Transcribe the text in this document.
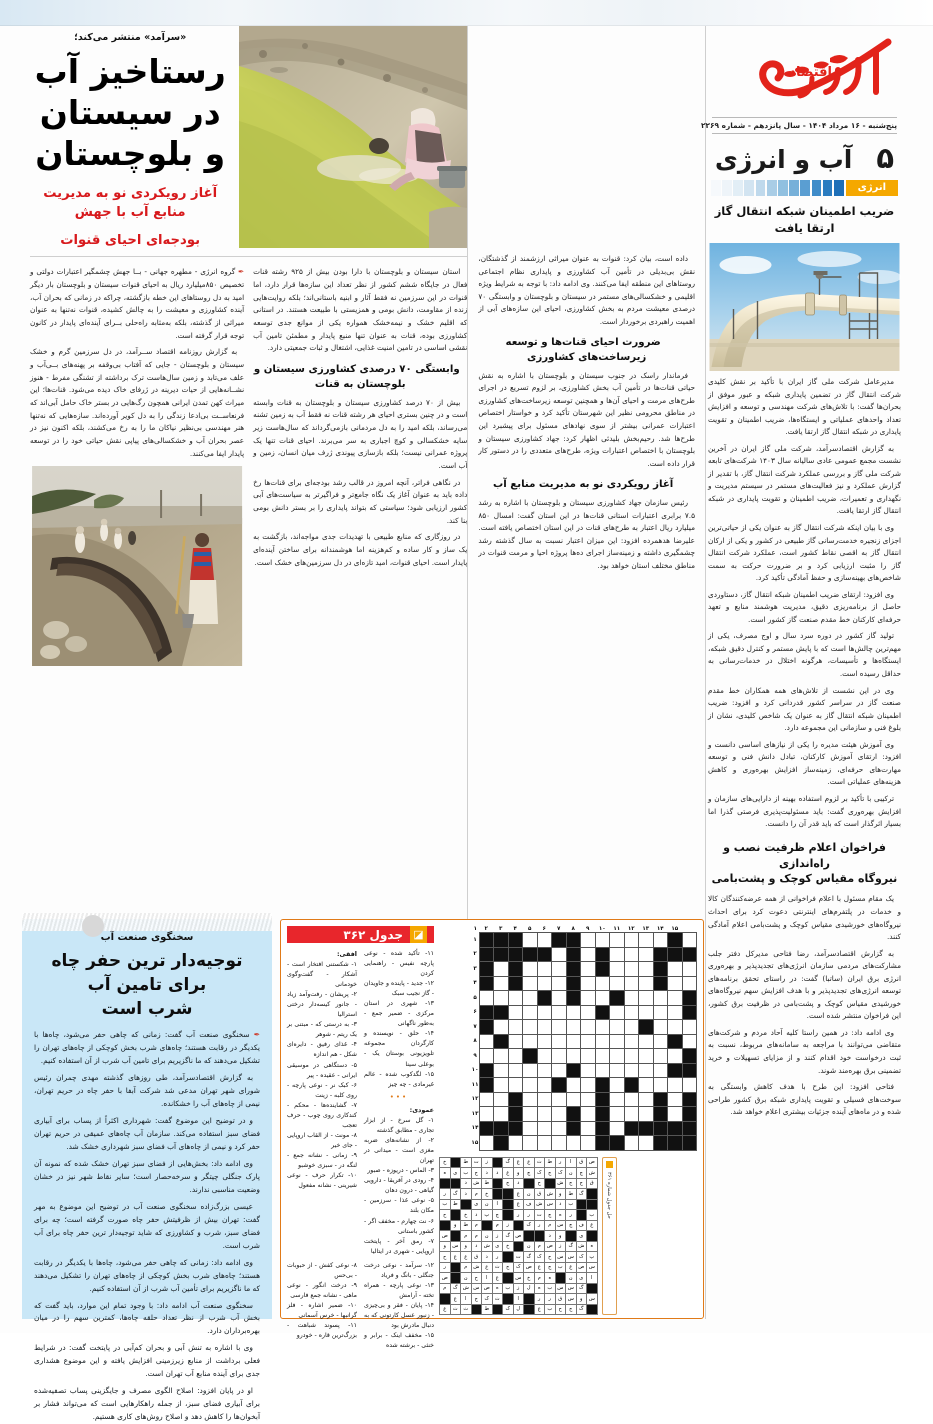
«سرآمد» منتشر می‌کند؛
رستاخیز آب
در سیستان و بلوچستان
آغاز رویکردی نو به مدیریت منابع آب با جهش
بودجه‌ای احیای قنوات

✒ گروه انرژی - مطهره جهانی - بــا جهش چشمگیر اعتبارات دولتی و تخصیص ۸۵۰میلیارد ریال به احیای قنوات سیستان و بلوچستان بار دیگر امید به دل روستاهای این خطه بازگشته، چراکه در زمانی که بحران آب، آینده کشاورزی و معیشت را به چالش کشیده، قنوات نه‌تنها به عنوان میراثی از گذشته، بلکه به‌مثابه راه‌حلی بــرای آینده‌ای پایدار در کانون توجه قرار گرفته است.

به گزارش روزنامه اقتصاد ســرآمد، در دل سرزمین گرم و خشک سیستان و بلوچستان - جایی که آفتاب بی‌وقفه بر پهنه‌های بــی‌آب و علف می‌تابد و زمین سال‌هاست ترک برداشته از تشنگی مفرط - هنوز نشــانه‌هایی از حیات دیرینه در ژرفای خاک دیده می‌شود. قنات‌ها؛ این میراث کهن تمدن ایرانی همچون رگ‌هایی در بستر خاک حامل آبی‌اند که فرنعاســت بی‌ادعا زندگی را به دل کویر آورده‌اند. سازه‌هایی که نه‌تنها هنر مهندسی بی‌نظیر نیاکان ما را به رخ می‌کشند، بلکه اکنون نیز در عصر بحران آب و خشکسالی‌های پیاپی نقش حیاتی خود را در توسعه پایدار ایفا می‌کنند.

استان سیستان و بلوچستان با دارا بودن بیش از ۹۲۵ رشته قنات فعال در جایگاه ششم کشور از نظر تعداد این سازه‌ها قرار دارد، اما قنوات در این سرزمین نه فقط آثار و ابنیه باستانی‌اند؛ بلکه روایت‌هایی زنده از مقاومت، دانش بومی و همزیستی با طبیعت هستند. در استانی که اقلیم خشک و نیمه‌خشک همواره یکی از موانع جدی توسعه کشاورزی بوده، قنات به عنوان تنها منبع پایدار و مطمئن تامین آب نقشی اساسی در تامین امنیت غذایی، اشتغال و ثبات جمعیتی دارد.

وابستگی ۷۰ درصدی کشاورزی سیستان و بلوچستان به قنات

بیش از ۷۰ درصد کشاورزی سیستان و بلوچستان به قنات وابسته است و در چنین بستری احیای هر رشته قنات نه فقط آب به زمین تشنه می‌رساند، بلکه امید را به دل مردمانی بازمی‌گرداند که سال‌هاست زیر سایه خشکسالی و کوچ اجباری به سر می‌برند. احیای قنات تنها یک پروژه عمرانی نیست؛ بلکه بازسازی پیوندی ژرف میان انسان، زمین و آب است.

در نگاهی فراتر، آنچه امروز در قالب رشد بودجه‌ای برای قنات‌ها رخ داده باید به عنوان آغاز یک نگاه جامع‌تر و فراگیرتر به سیاست‌های آبی کشور ارزیابی شود؛ سیاستی که بتواند پایداری را بر بستر دانش بومی بنا کند.

در روزگاری که منابع طبیعی با تهدیدات جدی مواجه‌اند، بازگشت به یک ساز و کار ساده و کم‌هزینه اما هوشمندانه برای ساختن آینده‌ای پایدار است. احیای قنوات، امید تازه‌ای در دل سرزمین‌های خشک است.

داده است، بیان کرد: قنوات به عنوان میراثی ارزشمند از گذشتگان، نقش بی‌بدیلی در تأمین آب کشاورزی و پایداری نظام اجتماعی روستاهای این منطقه ایفا می‌کنند. وی ادامه داد: با توجه به شرایط ویژه اقلیمی و خشکسالی‌های مستمر در سیستان و بلوچستان و وابستگی ۷۰ درصدی معیشت مردم به بخش کشاورزی، احیای این سازه‌های آبی از اهمیت راهبردی برخوردار است.

ضرورت احیای قنات‌ها و توسعه زیرساخت‌های کشاورزی

فرماندار راسک در جنوب سیستان و بلوچستان با اشاره به نقش حیاتی قنات‌ها در تأمین آب بخش کشاورزی، بر لزوم تسریع در اجرای طرح‌های مرمت و احیای آن‌ها و همچنین توسعه زیرساخت‌های کشاورزی در مناطق محرومی نظیر این شهرستان تأکید کرد و خواستار اختصاص اعتبارات عمرانی بیشتر از سوی نهادهای مسئول برای پیشبرد این طرح‌ها شد. رحیم‌بخش بلیدئی اظهار کرد: جهاد کشاورزی سیستان و بلوچستان با اختصاص اعتبارات ویژه، طرح‌های متعددی را در دستور کار قرار داده است.

آغاز رویکردی نو به مدیریت منابع آب

رئیس سازمان جهاد کشاورزی سیستان و بلوچستان با اشاره به رشد ۷.۵ برابری اعتبارات استانی قنات‌ها در این استان گفت: امسال ۸۵۰ میلیارد ریال اعتبار به طرح‌های قنات در این استان اختصاص یافته است. علیرضا هدهمرده افزود: این میزان اعتبار نسبت به سال گذشته رشد چشمگیری داشته و زمینه‌ساز اجرای ده‌ها پروژه احیا و مرمت قنوات در مناطق مختلف استان خواهد بود.

اقتصاد
پنج‌شنبه - ۱۶ مرداد ۱۴۰۴ - سال پانزدهم - شماره ۲۲۶۹
۵
آب و انرژی
انرژی
ضریب اطمینان شبکه انتقال گاز
ارتقا یافت

مدیرعامل شرکت ملی گاز ایران با تأکید بر نقش کلیدی شرکت انتقال گاز در تضمین پایداری شبکه و عبور موفق از بحران‌ها گفت: با تلاش‌های شرکت مهندسی و توسعه و افزایش تعداد واحدهای عملیاتی و ایستگاه‌ها، ضریب اطمینان و تقویت پایداری در شبکه انتقال گاز ارتقا یافت.

به گزارش اقتصادسرآمد، شرکت ملی گاز ایران در آخرین نشست مجمع عمومی عادی سالیانه سال ۱۴۰۳ شرکت‌های تابعه شرکت ملی گاز و بررسی عملکرد شرکت انتقال گاز، با تقدیر از گزارش عملکرد و نیز فعالیت‌های مستمر در سیستم مدیریت و نگهداری و تعمیرات، ضریب اطمینان و تقویت پایداری در شبکه انتقال گاز ارتقا یافت.

وی با بیان اینکه شرکت انتقال گاز به عنوان یکی از حیاتی‌ترین اجزای زنجیره خدمت‌رسانی گاز طبیعی در کشور و یکی از ارکان انتقال گاز به اقصی نقاط کشور است، عملکرد شرکت انتقال گاز را مثبت ارزیابی کرد و بر ضرورت حرکت به سمت شاخص‌های بهینه‌سازی و حفظ آمادگی تأکید کرد.

وی افزود: ارتقای ضریب اطمینان شبکه انتقال گاز، دستاوردی حاصل از برنامه‌ریزی دقیق، مدیریت هوشمند منابع و تعهد حرفه‌ای کارکنان خط مقدم صنعت گاز کشور است.

تولید گاز کشور در دوره سرد سال و اوج مصرف، یکی از مهم‌ترین چالش‌ها است که با پایش مستمر و کنترل دقیق شبکه، ایستگاه‌ها و تأسیسات، هرگونه اختلال در خدمات‌رسانی به حداقل رسیده است.

وی در این نشست از تلاش‌های همه همکاران خط مقدم صنعت گاز در سراسر کشور قدردانی کرد و افزود: ضریب اطمینان شبکه انتقال گاز به عنوان یک شاخص کلیدی، نشان از بلوغ فنی و سازمانی این مجموعه دارد.

وی آموزش هیئت مدیره را یکی از نیازهای اساسی دانست و افزود: ارتقای آموزش کارکنان، تبادل دانش فنی و توسعه مهارت‌های حرفه‌ای، زمینه‌ساز افزایش بهره‌وری و کاهش هزینه‌های عملیاتی است.

ترکیبی با تأکید بر لزوم استفاده بهینه از دارایی‌های سازمان و افزایش بهره‌وری گفت: باید مسئولیت‌پذیری فرصتی گذرا اما بسیار اثرگذار است که باید قدر آن را دانست.

فراخوان اعلام ظرفیت نصب و راه‌اندازی
نیروگاه مقیاس کوچک و پشت‌بامی

یک مقام مسئول با اعلام فراخوانی از همه عرضه‌کنندگان کالا و خدمات در پلتفرم‌های اینترنتی دعوت کرد برای احداث نیروگاه‌های خورشیدی مقیاس کوچک و پشت‌بامی اعلام آمادگی کنند.

به گزارش اقتصادسرآمد، رضا فتاحی مدیرکل دفتر جلب مشارکت‌های مردمی سازمان انرژی‌های تجدیدپذیر و بهره‌وری انرژی برق ایران (ساتبا) گفت: در راستای تحقق برنامه‌های توسعه انرژی‌های تجدیدپذیر و با هدف افزایش سهم نیروگاه‌های خورشیدی مقیاس کوچک و پشت‌بامی در ظرفیت برق کشور، این فراخوان منتشر شده است.

وی ادامه داد: در همین راستا کلیه آحاد مردم و شرکت‌های متقاضی می‌توانند با مراجعه به سامانه‌های مربوط، نسبت به ثبت درخواست خود اقدام کنند و از مزایای تسهیلات و خرید تضمینی برق بهره‌مند شوند.

فتاحی افزود: این طرح با هدف کاهش وابستگی به سوخت‌های فسیلی و تقویت پایداری شبکه برق کشور طراحی شده و در ماه‌های آینده جزئیات بیشتری اعلام خواهد شد.

سخنگوی صنعت آب
توجیه‌دار ترین حفر چاه برای تامین آب
شرب است

✒ سخنگوی صنعت آب گفت: زمانی که چاهی حفر می‌شود، چاه‌ها با یکدیگر در رقابت هستند؛ چاه‌های شرب بخش کوچکی از چاه‌های تهران را تشکیل می‌دهند که ما ناگزیریم برای تامین آب شرب از آن استفاده کنیم.

به گزارش اقتصادسرآمد، طی روزهای گذشته مهدی چمران رئیس شورای شهر تهران مدعی شد شرکت آبفا با حفر چاه در حریم تهران، نیمی از چاه‌های آب را خشکانده.

و در توضیح این موضوع گفت: شهرداری اکثراً از پساب برای آبیاری فضای سبز استفاده می‌کند. سازمان آب چاه‌های عمیقی در حریم تهران حفر کرد و نیمی از چاه‌های آب فضای سبز شهرداری خشک شد.

وی ادامه داد: بخش‌هایی از فضای سبز تهران خشک شده که نمونه آن پارک جنگلی چیتگر و سرخه‌حصار است؛ سایر نقاط شهر نیز در خشان وضعیت مناسبی ندارند.

عیسی بزرگ‌زاده سخنگوی صنعت آب در توضیح این موضوع به مهر گفت: تهران بیش از ظرفیتش حفر چاه صورت گرفته است؛ چه برای فضای سبز، شرب و کشاورزی که شاید توجیه‌دار ترین حفر چاه برای آب شرب است.

وی ادامه داد: زمانی که چاهی حفر می‌شود، چاه‌ها با یکدیگر در رقابت هستند؛ چاه‌های شرب بخش کوچکی از چاه‌های تهران را تشکیل می‌دهند که ما ناگزیریم برای تأمین آب شرب از آن استفاده کنیم.

سخنگوی صنعت آب ادامه داد: با وجود تمام این موارد، باید گفت که بخش آب شرب از نظر تعداد حلقه چاه‌ها، کمترین سهم را در میان بهره‌برداران دارد.

وی با اشاره به تنش آبی و بحران کم‌آبی در پایتخت گفت: در شرایط فعلی برداشت از منابع زیرزمینی افزایش یافته و این موضوع هشداری جدی برای آینده منابع آب تهران است.

او در پایان افزود: اصلاح الگوی مصرف و جایگزینی پساب تصفیه‌شده برای آبیاری فضای سبز، از جمله راهکارهایی است که می‌تواند فشار بر آبخوان‌ها را کاهش دهد و اصلاح روش‌های کاری هستیم.

◪
جدول ۳۶۲
افقی:
۱- شکستنی افتخار است - آشکار - گفت‌وگوی خودمانی
۲- پریشان - رفت‌وآمد زیاد - جانور کیسه‌دار درختی استرالیا
۳- به درستی که - مبتنی بر یک ریتم - شوهر
۴- غذای رفیق - دایره‌ای شکل - هم اندازه
۵- دستگاهی در موسیقی ایرانی - عقیده - پیر
۶- کبک نر - نوعی پارچه - روی کلبه - زینت
۷- گشاینده‌ها - محکم - کندکاری روی چوب - حرف تعجب
۸- مونث - از القاب اروپایی - جای خیر
۹- زمانی - نشانه جمع - لنگه در - سبزی خوشبو
۱۰- تکرار حرف - نوعی شیرینی - نشانه مفعول
۱۱- تأکید شده - نوعی پارچه نفیس - راهنمایی کردن
۱۲- جدید - پاینده و جاویدان - گاز نجیب سبک
۱۳- شهری در استان مرکزی - ضمیر جمع - به‌طور ناگهانی
۱۴- حلق - نویسنده و کارگردان مجموعه تلویزیونی بوستان یک - بوعلی سینا
۱۵- لگدکوب شده - عالم غیرمادی - چه چیز
•••
عمودی:
۱- گل سرخ - از ابزار تجاری - مطابق گذشته
۲- از نشانه‌های ضربه مغزی است - میدانی در تهران
۳- الماس - دریوزه - صبور
۴- رودی در آفریقا - دارویی گیاهی - درون دهان
۵- نوعی غذا - سرزمین - مکان بلند
۶- نت چهارم - مخفف اگر - کشور باستانی
۷- رمق آخر - پایتخت اروپایی - شهری در ایتالیا
۸- نوعی کفش - از حبوبات - بی‌حس
۹- درخت انگور - نوعی ماهی - نشانه جمع فارسی
۱۰- ضمیر اشاره - فلز گرانبها - خرس آسمانی
۱۱- پسوند شباهت - بزرگ‌ترین قاره - خودرو
۱۲- سرآمد - نوعی درخت جنگلی - بانگ و فریاد
۱۳- نوعی پارچه - همراه تخته - آرامش
۱۴- پایان - فقر و بی‌چیزی - زنبور عسل کارتونی که به دنبال مادرش بود
۱۵- مخفف اینک - برابر و خنثی - برشته شده
	۱۵	۱۴	۱۳	۱۲	۱۱	۱۰	۹	۸	۷	۶	۵	۴	۳	۲	۱
															۱
															۲
															۳
															۴
															۵
															۶
															۷
															۸
															۹
															۱۰
															۱۱
															۱۲
															۱۳
															۱۴
															۱۵
ص	ق	ا	ر	ط	ث	ع	غ	گ		ز	ت	ط		خ
ش	چ	ن	ک	ج	ک	چ	و	غ	ذ	ذ	ج	ب	ی	ه
ق	ج	ج	ش		ح		د	ج		ط	ش	د		
	گ	ط	و	ش	ق	ن	غ			خ	م	ذ	گ	ر
		ب	ذ	س	ش	ف	غ		ا	ن	ی		ط	ب
ب		ر	ه	چ	ت	ر	ر		چ	پ	ذ	خ		ح
غ	ف	چ	س	م	ر	ک		ز	م		م	ط	و	
	ی		و	د			ص	گ	ز	ن	م	م		ص
ه	ش	گ	ز	ص	م	ن		خ	ی	ش	د	و	س	و
پ	ک	س	س	ح	ک	گ	ت		ر	ذ	ق	غ	غ	ح
س	ص	غ	ب	ج	ع	ص	ک	ج	ث	ع	ش	م		ر
ا	ی	ن		ه	م	خ	س		غ	ا	ح	ن		ص
	گ	س	س	ب	ه	ل	ز	ب	ه	ص	س	ش	گ	م
س	و	س	ق	ر	ر		ا		ث	ک	ج	ا	غ	
	گ	ج	ح	ب	ع		ل	ک		ط		ث	ث	غ
حل جدول شماره ۳۶۱
